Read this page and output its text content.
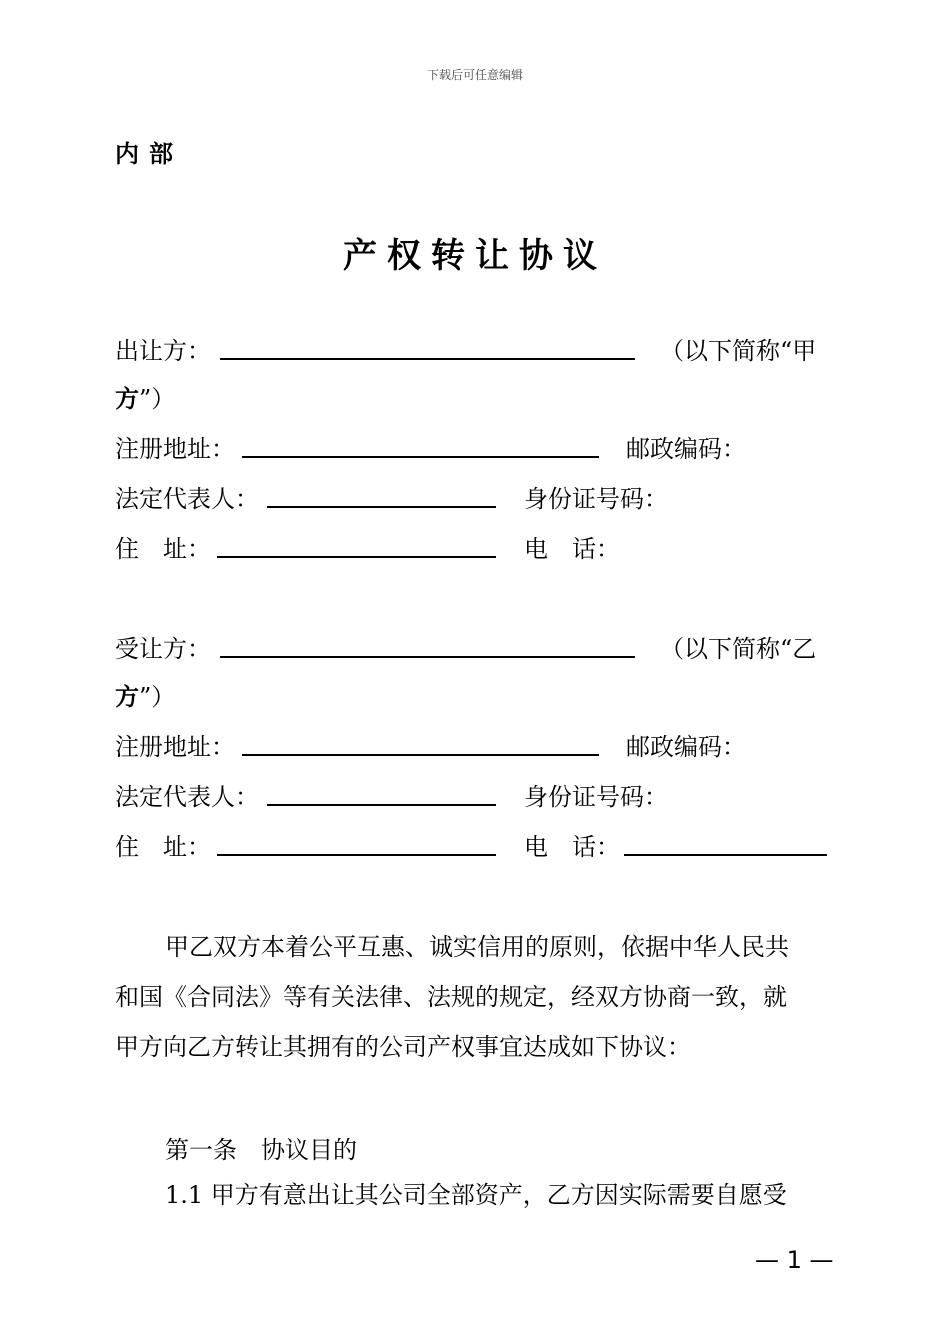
下载后可任意编辑
内部
产权转让协议
出让方：	（以下简称“甲
方”）
注册地址：	邮政编码：
法定代表人：	身份证号码：
住　址：	电　话：
受让方：	（以下简称“乙
方”）
注册地址：	邮政编码：
法定代表人：	身份证号码：
住　址：	电　话：
甲乙双方本着公平互惠、诚实信用的原则，依据中华人民共
和国《合同法》等有关法律、法规的规定，经双方协商一致，就
甲方向乙方转让其拥有的公司产权事宜达成如下协议：
第一条　协议目的
1.1 甲方有意出让其公司全部资产，乙方因实际需要自愿受
— 1 —
